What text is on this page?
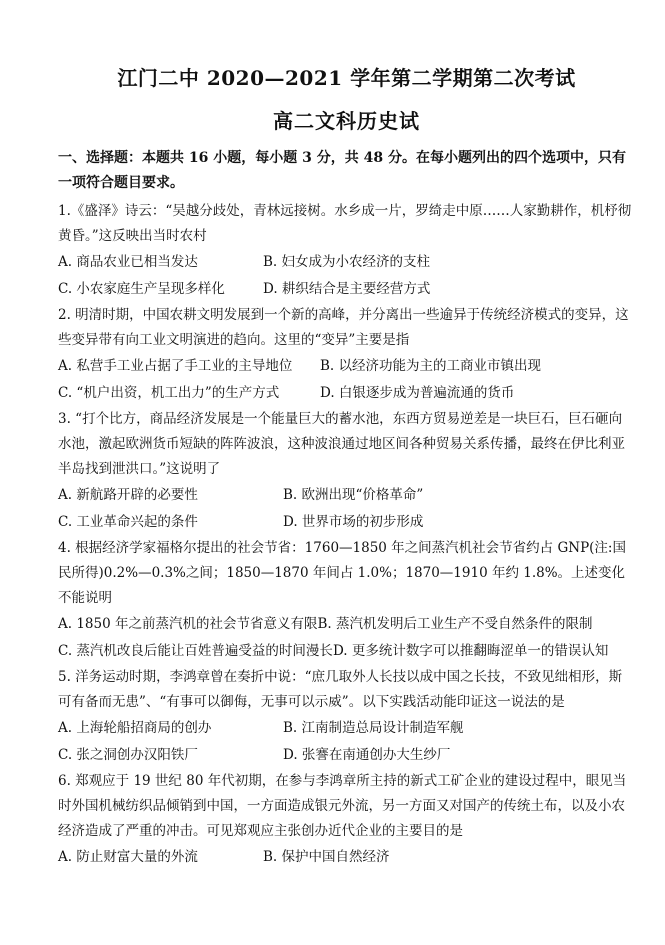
江门二中 2020—2021 学年第二学期第二次考试
高二文科历史试
一、选择题：本题共 16 小题，每小题 3 分，共 48 分。在每小题列出的四个选项中，只有一项符合题目要求。

1.《盛泽》诗云：“吴越分歧处，青林远接树。水乡成一片，罗绮走中原……人家勤耕作，机杼彻黄昏。”这反映出当时农村

A. 商品农业已相当发达	B. 妇女成为小农经济的支柱
C. 小农家庭生产呈现多样化	D. 耕织结合是主要经营方式

2. 明清时期，中国农耕文明发展到一个新的高峰，并分离出一些逾异于传统经济模式的变异，这些变异带有向工业文明演进的趋向。这里的“变异”主要是指

A. 私营手工业占据了手工业的主导地位	B. 以经济功能为主的工商业市镇出现
C. “机户出资，机工出力”的生产方式	D. 白银逐步成为普遍流通的货币

3. “打个比方，商品经济发展是一个能量巨大的蓄水池，东西方贸易逆差是一块巨石，巨石砸向水池，激起欧洲货币短缺的阵阵波浪，这种波浪通过地区间各种贸易关系传播，最终在伊比利亚半岛找到泄洪口。”这说明了

A. 新航路开辟的必要性	B. 欧洲出现“价格革命”
C. 工业革命兴起的条件	D. 世界市场的初步形成

4. 根据经济学家福格尔提出的社会节省：1760—1850 年之间蒸汽机社会节省约占 GNP(注:国民所得)0.2%—0.3%之间；1850—1870 年间占 1.0%；1870—1910 年约 1.8%。上述变化不能说明

A. 1850 年之前蒸汽机的社会节省意义有限 B. 蒸汽机发明后工业生产不受自然条件的限制
C. 蒸汽机改良后能让百姓普遍受益的时间漫长 D. 更多统计数字可以推翻晦涩单一的错误认知

5. 洋务运动时期，李鸿章曾在奏折中说：“庶几取外人长技以成中国之长技，不致见绌相形，斯可有备而无患”、“有事可以御侮，无事可以示威”。以下实践活动能印证这一说法的是

A. 上海轮船招商局的创办	B. 江南制造总局设计制造军舰
C. 张之洞创办汉阳铁厂	D. 张謇在南通创办大生纱厂

6. 郑观应于 19 世纪 80 年代初期，在参与李鸿章所主持的新式工矿企业的建设过程中，眼见当时外国机械纺织品倾销到中国，一方面造成银元外流，另一方面又对国产的传统土布，以及小农经济造成了严重的冲击。可见郑观应主张创办近代企业的主要目的是

A. 防止财富大量的外流	B. 保护中国自然经济
